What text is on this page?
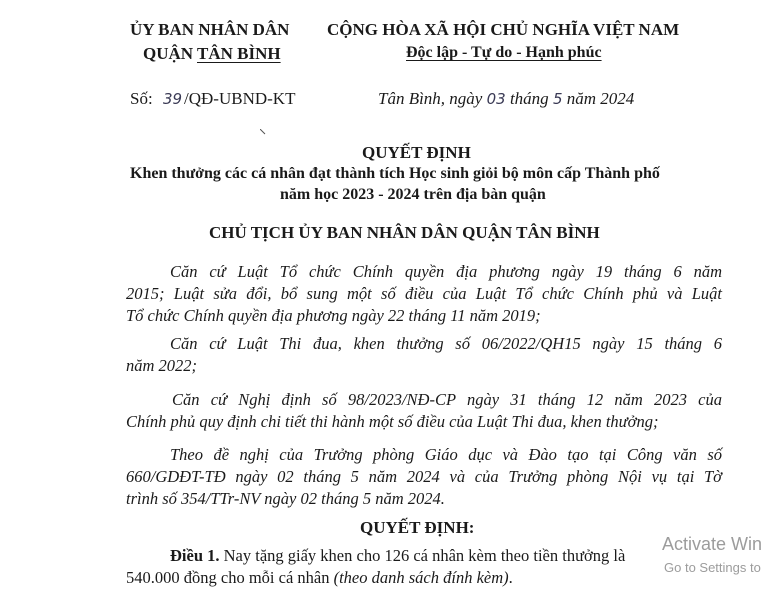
ỦY BAN NHÂN DÂN
QUẬN TÂN BÌNH
CỘNG HÒA XÃ HỘI CHỦ NGHĨA VIỆT NAM
Độc lập - Tự do - Hạnh phúc
Số: 39 /QĐ-UBND-KT	Tân Bình, ngày 03 tháng 5 năm 2024
QUYẾT ĐỊNH
Khen thưởng các cá nhân đạt thành tích Học sinh giỏi bộ môn cấp Thành phố
năm học 2023 - 2024 trên địa bàn quận
CHỦ TỊCH ỦY BAN NHÂN DÂN QUẬN TÂN BÌNH
Căn cứ Luật Tổ chức Chính quyền địa phương ngày 19 tháng 6 năm
2015; Luật sửa đổi, bổ sung một số điều của Luật Tổ chức Chính phủ và Luật
Tổ chức Chính quyền địa phương ngày 22 tháng 11 năm 2019;
Căn cứ Luật Thi đua, khen thưởng số 06/2022/QH15 ngày 15 tháng 6
năm 2022;
Căn cứ Nghị định số 98/2023/NĐ-CP ngày 31 tháng 12 năm 2023 của
Chính phủ quy định chi tiết thi hành một số điều của Luật Thi đua, khen thưởng;
Theo đề nghị của Trưởng phòng Giáo dục và Đào tạo tại Công văn số
660/GDĐT-TĐ ngày 02 tháng 5 năm 2024 và của Trưởng phòng Nội vụ tại Tờ
trình số 354/TTr-NV ngày 02 tháng 5 năm 2024.
QUYẾT ĐỊNH:
Điều 1. Nay tặng giấy khen cho 126 cá nhân kèm theo tiền thưởng là
540.000 đồng cho mỗi cá nhân (theo danh sách đính kèm).
Activate Win
Go to Settings to
